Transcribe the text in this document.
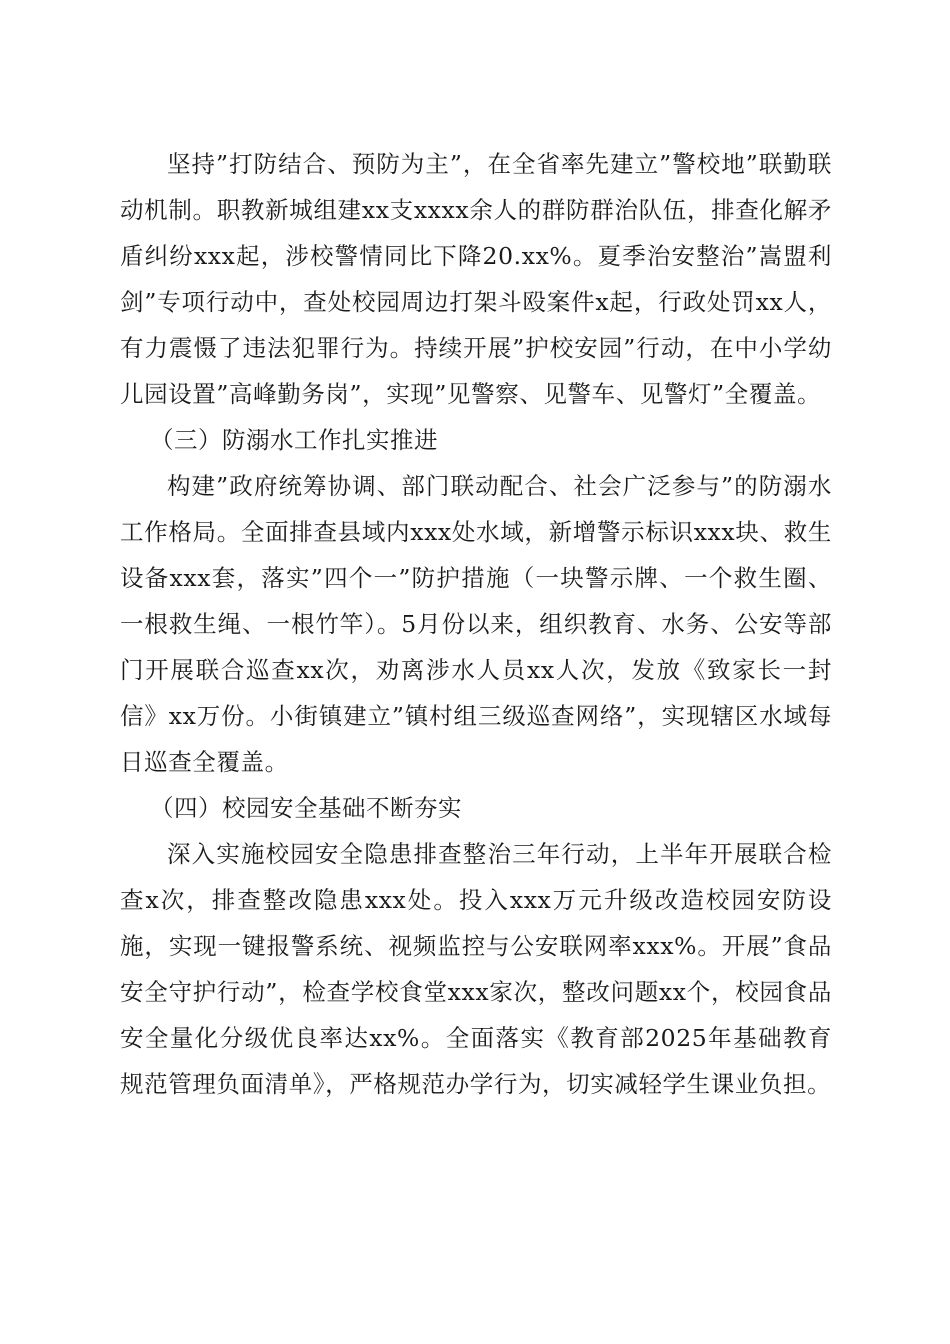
坚持”打防结合、预防为主”，在全省率先建立”警校地”联勤联动机制。职教新城组建xx支xxxx余人的群防群治队伍，排查化解矛盾纠纷xxx起，涉校警情同比下降20.xx%。夏季治安整治”嵩盟利剑”专项行动中，查处校园周边打架斗殴案件x起，行政处罚xx人，有力震慑了违法犯罪行为。持续开展”护校安园”行动，在中小学幼儿园设置”高峰勤务岗”，实现”见警察、见警车、见警灯”全覆盖。

（三）防溺水工作扎实推进

构建”政府统筹协调、部门联动配合、社会广泛参与”的防溺水工作格局。全面排查县域内xxx处水域，新增警示标识xxx块、救生设备xxx套，落实”四个一”防护措施（一块警示牌、一个救生圈、一根救生绳、一根竹竿）。5月份以来，组织教育、水务、公安等部门开展联合巡查xx次，劝离涉水人员xx人次，发放《致家长一封信》xx万份。小街镇建立”镇村组三级巡查网络”，实现辖区水域每日巡查全覆盖。

（四）校园安全基础不断夯实

深入实施校园安全隐患排查整治三年行动，上半年开展联合检查x次，排查整改隐患xxx处。投入xxx万元升级改造校园安防设施，实现一键报警系统、视频监控与公安联网率xxx%。开展”食品安全守护行动”，检查学校食堂xxx家次，整改问题xx个，校园食品安全量化分级优良率达xx%。全面落实《教育部2025年基础教育规范管理负面清单》，严格规范办学行为，切实减轻学生课业负担。
